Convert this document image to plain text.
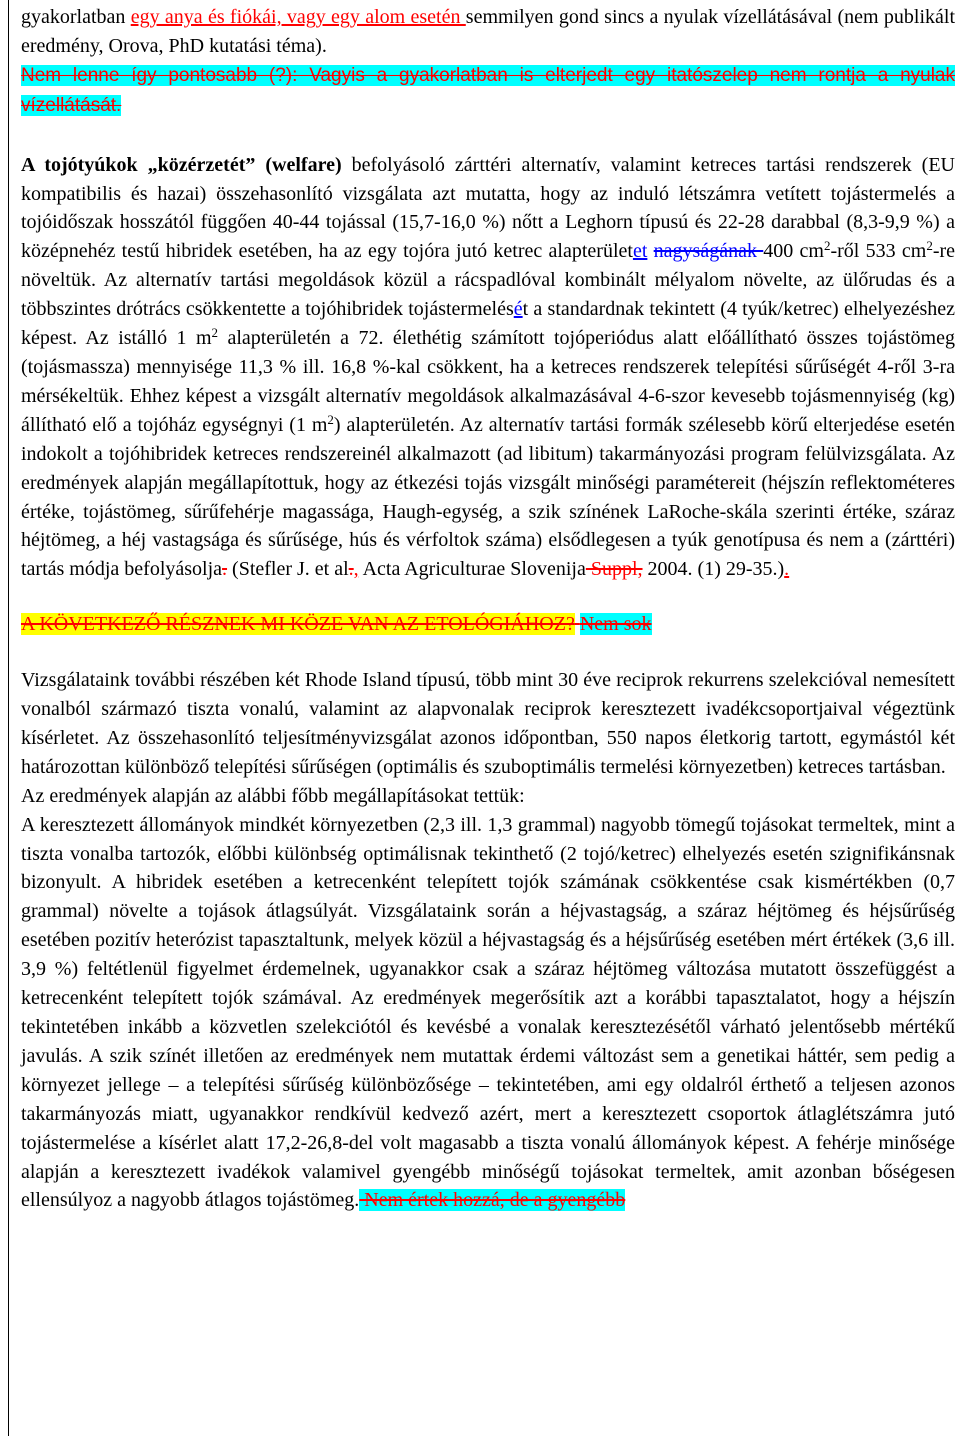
gyakorlatban egy anya és fiókái, vagy egy alom esetén semmilyen gond sincs a nyulak vízellátásával (nem publikált eredmény, Orova, PhD kutatási téma).
Nem lenne így pontosabb (?): Vagyis a gyakorlatban is elterjedt egy itatószelep nem rontja a nyulak vízellátását.

A tojótyúkok „közérzetét” (welfare) befolyásoló zárttéri alternatív, valamint ketreces tartási rendszerek (EU kompatibilis és hazai) összehasonlító vizsgálata azt mutatta, hogy az induló létszámra vetített tojástermelés a tojóidőszak hosszától függően 40-44 tojással (15,7-16,0 %) nőtt a Leghorn típusú és 22-28 darabbal (8,3-9,9 %) a középnehéz testű hibridek esetében, ha az egy tojóra jutó ketrec alapterületet nagyságának 400 $cm^2$-ről 533 $cm^2-re$ növeltük. Az alternatív tartási megoldások közül a rácspadlóval kombinált mélyalom növelte, az ülőrudas és a többszintes drótrács csökkentette a tojóhibridek tojástermelését a standardnak tekintett (4 tyúk/ketrec) elhelyezéshez képest. Az istálló 1 $m^2$ alapterületén a 72. élethétig számított tojóperiódus alatt előállítható összes tojástömeg (tojásmassza) mennyisége 11,3 % ill. 16,8 %-kal csökkent, ha a ketreces rendszerek telepítési sűrűségét 4-ről 3-ra mérsékeltük. Ehhez képest a vizsgált alternatív megoldások alkalmazásával 4-6-szor kevesebb tojásmennyiség (kg) állítható elő a tojóház egységnyi (1 $m^2$) alapterületén. Az alternatív tartási formák szélesebb körű elterjedése esetén indokolt a tojóhibridek ketreces rendszereinél alkalmazott (ad libitum) takarmányozási program felülvizsgálata. Az eredmények alapján megállapítottuk, hogy az étkezési tojás vizsgált minőségi paramétereit (héjszín reflektométeres értéke, tojástömeg, sűrűfehérje magassága, Haugh-egység, a szik színének LaRoche-skála szerinti értéke, száraz héjtömeg, a héj vastagsága és sűrűsége, hús és vérfoltok száma) elsődlegesen a tyúk genotípusa és nem a (zárttéri) tartás módja befolyásolja. (Stefler J. et al., Acta Agriculturae Slovenija Suppl, 2004. (1) 29-35.).

A KÖVETKEZŐ RÉSZNEK MI KÖZE VAN AZ ETOLÓGIÁHOZ? Nem sok

Vizsgálataink további részében két Rhode Island típusú, több mint 30 éve reciprok rekurrens szelekcióval nemesített vonalból származó tiszta vonalú, valamint az alapvonalak reciprok keresztezett ivadékcsoportjaival végeztünk kísérletet. Az összehasonlító teljesítményvizsgálat azonos időpontban, 550 napos életkorig tartott, egymástól két határozottan különböző telepítési sűrűségen (optimális és szuboptimális termelési környezetben) ketreces tartásban.

Az eredmények alapján az alábbi főbb megállapításokat tettük:

A keresztezett állományok mindkét környezetben (2,3 ill. 1,3 grammal) nagyobb tömegű tojásokat termeltek, mint a tiszta vonalba tartozók, előbbi különbség optimálisnak tekinthető (2 tojó/ketrec) elhelyezés esetén szignifikánsnak bizonyult. A hibridek esetében a ketrecenként telepített tojók számának csökkentése csak kismértékben (0,7 grammal) növelte a tojások átlagsúlyát. Vizsgálataink során a héjvastagság, a száraz héjtömeg és héjsűrűség esetében pozitív heterózist tapasztaltunk, melyek közül a héjvastagság és a héjsűrűség esetében mért értékek (3,6 ill. 3,9 %) feltétlenül figyelmet érdemelnek, ugyanakkor csak a száraz héjtömeg változása mutatott összefüggést a ketrecenként telepített tojók számával. Az eredmények megerősítik azt a korábbi tapasztalatot, hogy a héjszín tekintetében inkább a közvetlen szelekciótól és kevésbé a vonalak keresztezésétől várható jelentősebb mértékű javulás. A szik színét illetően az eredmények nem mutattak érdemi változást sem a genetikai háttér, sem pedig a környezet jellege – a telepítési sűrűség különbözősége – tekintetében, ami egy oldalról érthető a teljesen azonos takarmányozás miatt, ugyanakkor rendkívül kedvező azért, mert a keresztezett csoportok átlaglétszámra jutó tojástermelése a kísérlet alatt 17,2-26,8-del volt magasabb a tiszta vonalú állományok képest. A fehérje minősége alapján a keresztezett ivadékok valamivel gyengébb minőségű tojásokat termeltek, amit azonban bőségesen ellensúlyoz a nagyobb átlagos tojástömeg. Nem értek hozzá, de a gyengébb
